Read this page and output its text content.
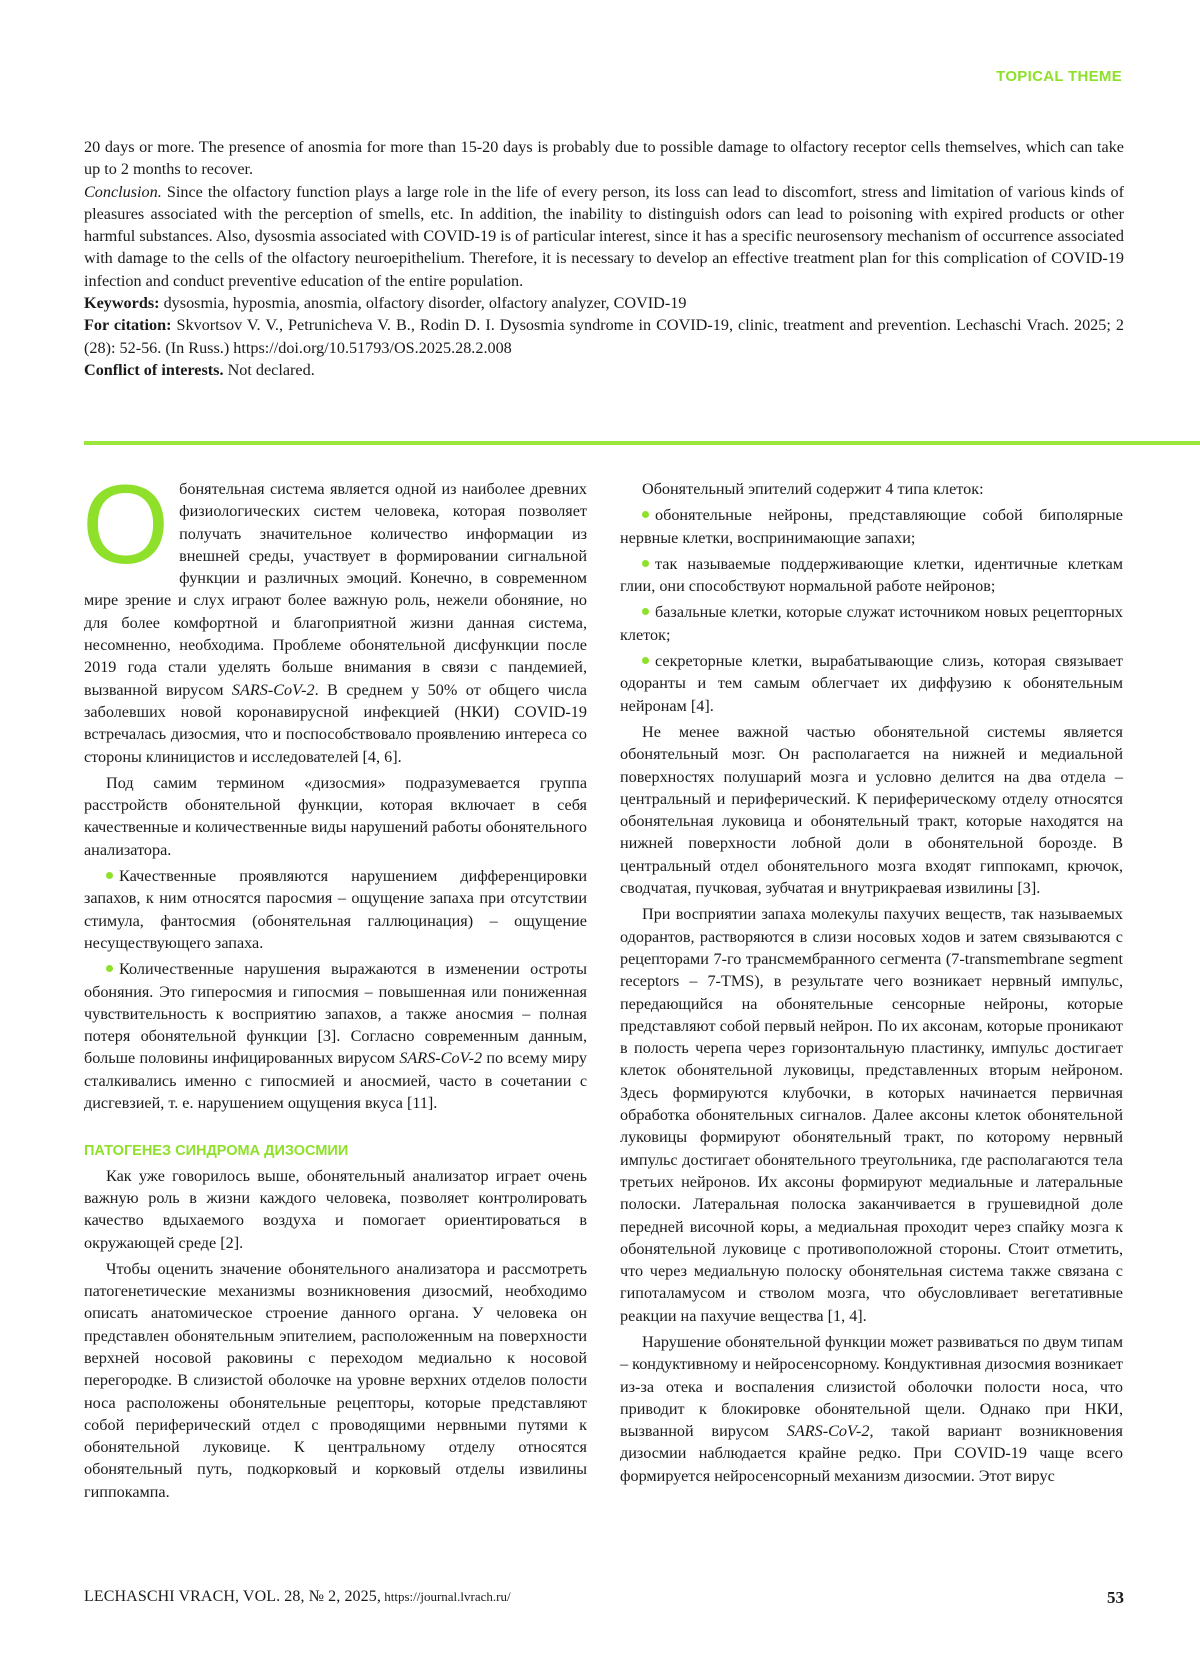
TOPICAL THEME

20 days or more. The presence of anosmia for more than 15-20 days is probably due to possible damage to olfactory receptor cells themselves, which can take up to 2 months to recover.

Conclusion. Since the olfactory function plays a large role in the life of every person, its loss can lead to discomfort, stress and limitation of various kinds of pleasures associated with the perception of smells, etc. In addition, the inability to distinguish odors can lead to poisoning with expired products or other harmful substances. Also, dysosmia associated with COVID-19 is of particular interest, since it has a specific neurosensory mechanism of occurrence associated with damage to the cells of the olfactory neuroepithelium. Therefore, it is necessary to develop an effective treatment plan for this complication of COVID-19 infection and conduct preventive education of the entire population.

Keywords: dysosmia, hyposmia, anosmia, olfactory disorder, olfactory analyzer, COVID-19

For citation: Skvortsov V. V., Petrunicheva V. B., Rodin D. I. Dysosmia syndrome in COVID-19, clinic, treatment and prevention. Lechaschi Vrach. 2025; 2 (28): 52-56. (In Russ.) https://doi.org/10.51793/OS.2025.28.2.008

Conflict of interests. Not declared.

Обонятельная система является одной из наиболее древних физиологических систем человека, которая позволяет получать значительное количество информации из внешней среды, участвует в формировании сигнальной функции и различных эмоций. Конечно, в современном мире зрение и слух играют более важную роль, нежели обоняние, но для более комфортной и благоприятной жизни данная система, несомненно, необходима. Проблеме обонятельной дисфункции после 2019 года стали уделять больше внимания в связи с пандемией, вызванной вирусом SARS-CoV-2. В среднем у 50% от общего числа заболевших новой коронавирусной инфекцией (НКИ) COVID-19 встречалась дизосмия, что и поспособствовало проявлению интереса со стороны клиницистов и исследователей [4, 6].

Под самим термином «дизосмия» подразумевается группа расстройств обонятельной функции, которая включает в себя качественные и количественные виды нарушений работы обонятельного анализатора.

Качественные проявляются нарушением дифференцировки запахов, к ним относятся паросмия – ощущение запаха при отсутствии стимула, фантосмия (обонятельная галлюцинация) – ощущение несуществующего запаха.

Количественные нарушения выражаются в изменении остроты обоняния. Это гиперосмия и гипосмия – повышенная или пониженная чувствительность к восприятию запахов, а также аносмия – полная потеря обонятельной функции [3]. Согласно современным данным, больше половины инфицированных вирусом SARS-CoV-2 по всему миру сталкивались именно с гипосмией и аносмией, часто в сочетании с дисгевзией, т. е. нарушением ощущения вкуса [11].

ПАТОГЕНЕЗ СИНДРОМА ДИЗОСМИИ

Как уже говорилось выше, обонятельный анализатор играет очень важную роль в жизни каждого человека, позволяет контролировать качество вдыхаемого воздуха и помогает ориентироваться в окружающей среде [2].

Чтобы оценить значение обонятельного анализатора и рассмотреть патогенетические механизмы возникновения дизосмий, необходимо описать анатомическое строение данного органа. У человека он представлен обонятельным эпителием, расположенным на поверхности верхней носовой раковины с переходом медиально к носовой перегородке. В слизистой оболочке на уровне верхних отделов полости носа расположены обонятельные рецепторы, которые представляют собой периферический отдел с проводящими нервными путями к обонятельной луковице. К центральному отделу относятся обонятельный путь, подкорковый и корковый отделы извилины гиппокампа.

Обонятельный эпителий содержит 4 типа клеток:

обонятельные нейроны, представляющие собой биполярные нервные клетки, воспринимающие запахи;

так называемые поддерживающие клетки, идентичные клеткам глии, они способствуют нормальной работе нейронов;

базальные клетки, которые служат источником новых рецепторных клеток;

секреторные клетки, вырабатывающие слизь, которая связывает одоранты и тем самым облегчает их диффузию к обонятельным нейронам [4].

Не менее важной частью обонятельной системы является обонятельный мозг. Он располагается на нижней и медиальной поверхностях полушарий мозга и условно делится на два отдела – центральный и периферический. К периферическому отделу относятся обонятельная луковица и обонятельный тракт, которые находятся на нижней поверхности лобной доли в обонятельной борозде. В центральный отдел обонятельного мозга входят гиппокамп, крючок, сводчатая, пучковая, зубчатая и внутрикраевая извилины [3].

При восприятии запаха молекулы пахучих веществ, так называемых одорантов, растворяются в слизи носовых ходов и затем связываются с рецепторами 7-го трансмембранного сегмента (7-transmembrane segment receptors – 7-TMS), в результате чего возникает нервный импульс, передающийся на обонятельные сенсорные нейроны, которые представляют собой первый нейрон. По их аксонам, которые проникают в полость черепа через горизонтальную пластинку, импульс достигает клеток обонятельной луковицы, представленных вторым нейроном. Здесь формируются клубочки, в которых начинается первичная обработка обонятельных сигналов. Далее аксоны клеток обонятельной луковицы формируют обонятельный тракт, по которому нервный импульс достигает обонятельного треугольника, где располагаются тела третьих нейронов. Их аксоны формируют медиальные и латеральные полоски. Латеральная полоска заканчивается в грушевидной доле передней височной коры, а медиальная проходит через спайку мозга к обонятельной луковице с противоположной стороны. Стоит отметить, что через медиальную полоску обонятельная система также связана с гипоталамусом и стволом мозга, что обусловливает вегетативные реакции на пахучие вещества [1, 4].

Нарушение обонятельной функции может развиваться по двум типам – кондуктивному и нейросенсорному. Кондуктивная дизосмия возникает из-за отека и воспаления слизистой оболочки полости носа, что приводит к блокировке обонятельной щели. Однако при НКИ, вызванной вирусом SARS-CoV-2, такой вариант возникновения дизосмии наблюдается крайне редко. При COVID-19 чаще всего формируется нейросенсорный механизм дизосмии. Этот вирус

LECHASCHI VRACH, VOL. 28, № 2, 2025, https://journal.lvrach.ru/	53
